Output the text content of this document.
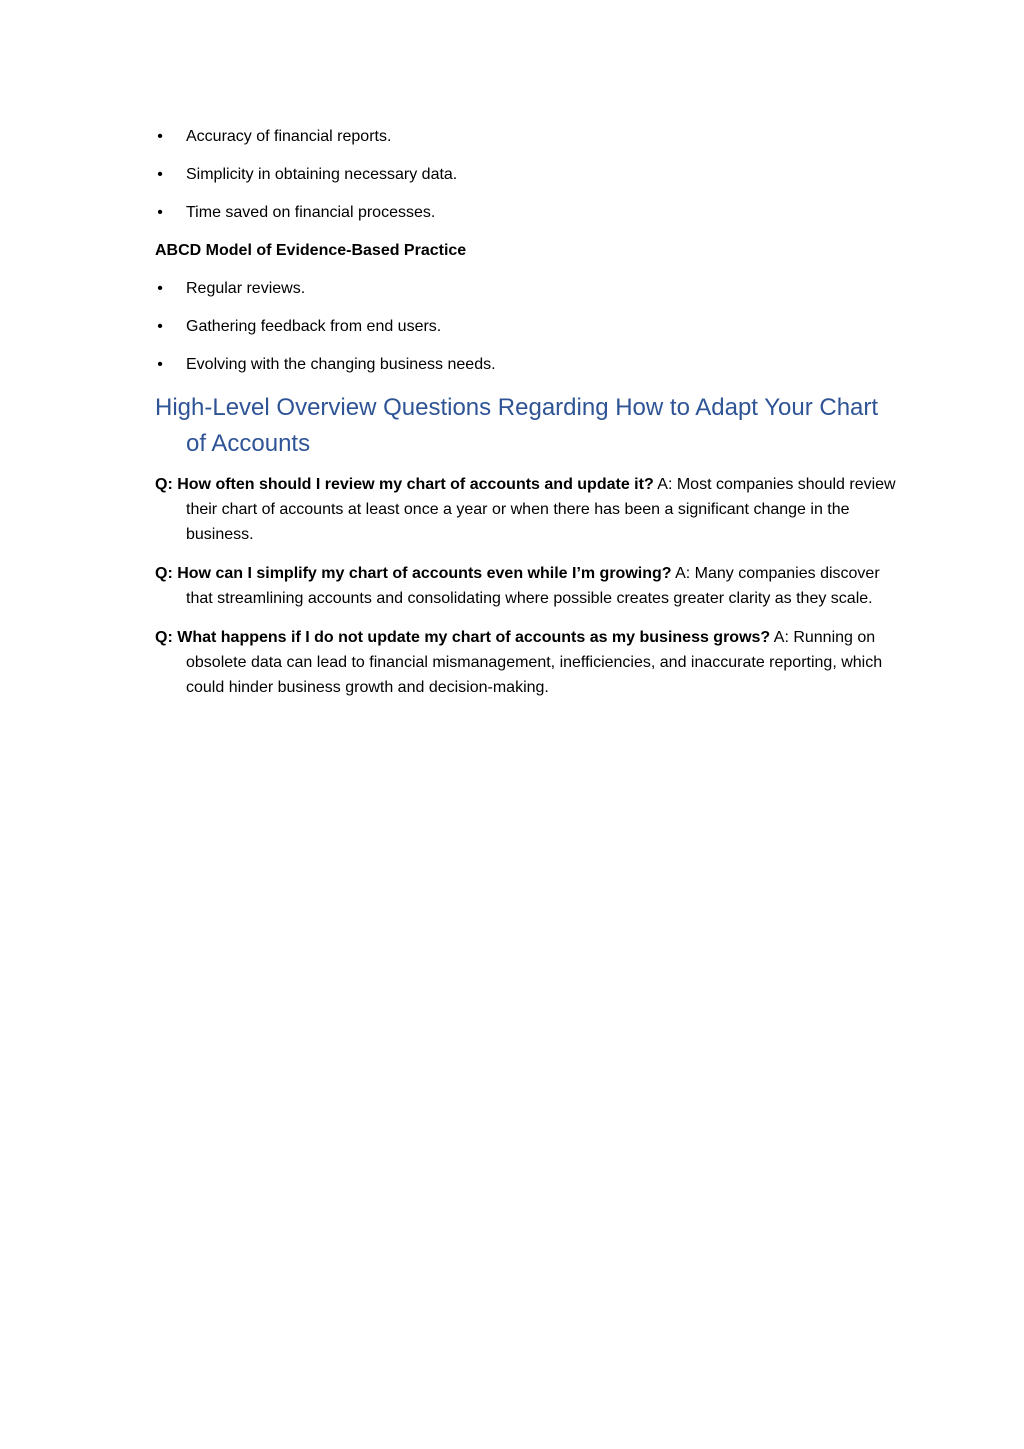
• Accuracy of financial reports.
• Simplicity in obtaining necessary data.
• Time saved on financial processes.

ABCD Model of Evidence-Based Practice

• Regular reviews.
• Gathering feedback from end users.
• Evolving with the changing business needs.
High-Level Overview Questions Regarding How to Adapt Your Chart of Accounts

Q: How often should I review my chart of accounts and update it? A: Most companies should review their chart of accounts at least once a year or when there has been a significant change in the business.

Q: How can I simplify my chart of accounts even while I’m growing? A: Many companies discover that streamlining accounts and consolidating where possible creates greater clarity as they scale.

Q: What happens if I do not update my chart of accounts as my business grows? A: Running on obsolete data can lead to financial mismanagement, inefficiencies, and inaccurate reporting, which could hinder business growth and decision-making.
